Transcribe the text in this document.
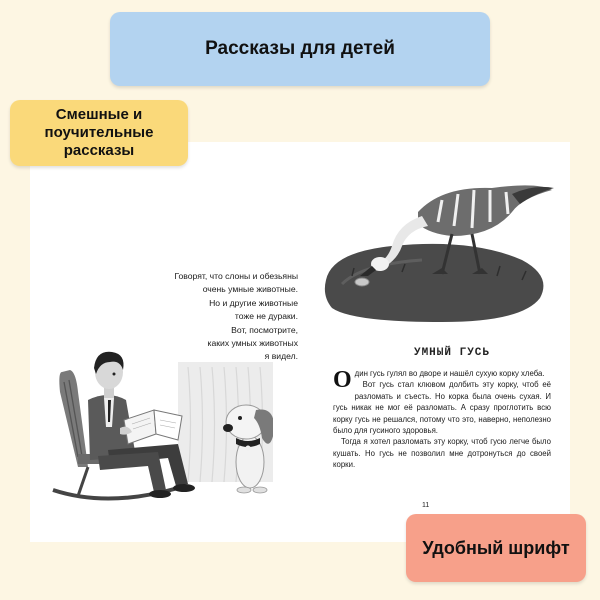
Рассказы для детей
Говорят, что слоны и обезьяны
очень умные животные.
Но и другие животные
тоже не дураки.
Вот, посмотрите,
каких умных животных
я видел.	УМНЫЙ ГУСЬ
О дин гусь гулял во дворе и нашёл сухую корку хлеба.

Вот гусь стал клювом долбить эту корку, чтоб её разломать и съесть. Но корка была очень сухая. И гусь никак не мог её разломать. А сразу проглотить всю корку гусь не решался, потому что это, наверно, неполезно было для гусиного здоровья.

Тогда я хотел разломать эту корку, чтоб гусю легче было кушать. Но гусь не позволил мне дотронуться до своей корки.

11
Смешные и
поучительные
рассказы
Удобный шрифт
